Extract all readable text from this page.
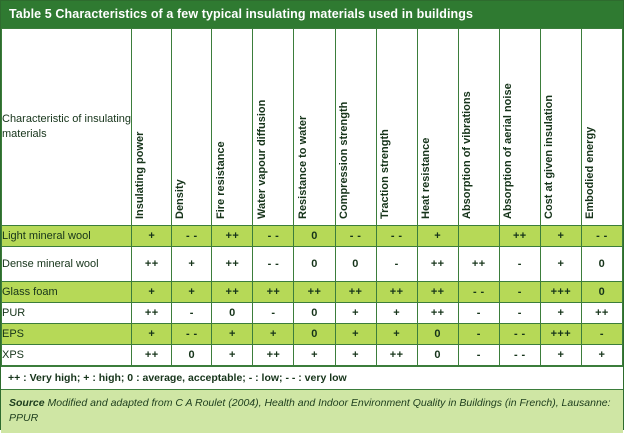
Table 5 Characteristics of a few typical insulating materials used in buildings
Characteristic of insulating materials	Insulating power	Density	Fire resistance	Water vapour diffusion	Resistance to water	Compression strength	Traction strength	Heat resistance	Absorption of vibrations	Absorption of aerial noise	Cost at given insulation	Embodied energy

Light mineral wool	+	- -	++	- -	0	- -	- -	+		++	+	- -
Dense mineral wool	++	+	++	- -	0	0	-	++	++	-	+	0
Glass foam	+	+	++	++	++	++	++	++	- -	-	+++	0
PUR	++	-	0	-	0	+	+	++	-	-	+	++
EPS	+	- -	+	+	0	+	+	0	-	- -	+++	-
XPS	++	0	+	++	+	+	++	0	-	- -	+	+
++ : Very high; + : high; 0 : average, acceptable; - : low; - - : very low
Source Modified and adapted from C A Roulet (2004), Health and Indoor Environment Quality in Buildings (in French), Lausanne: PPUR
